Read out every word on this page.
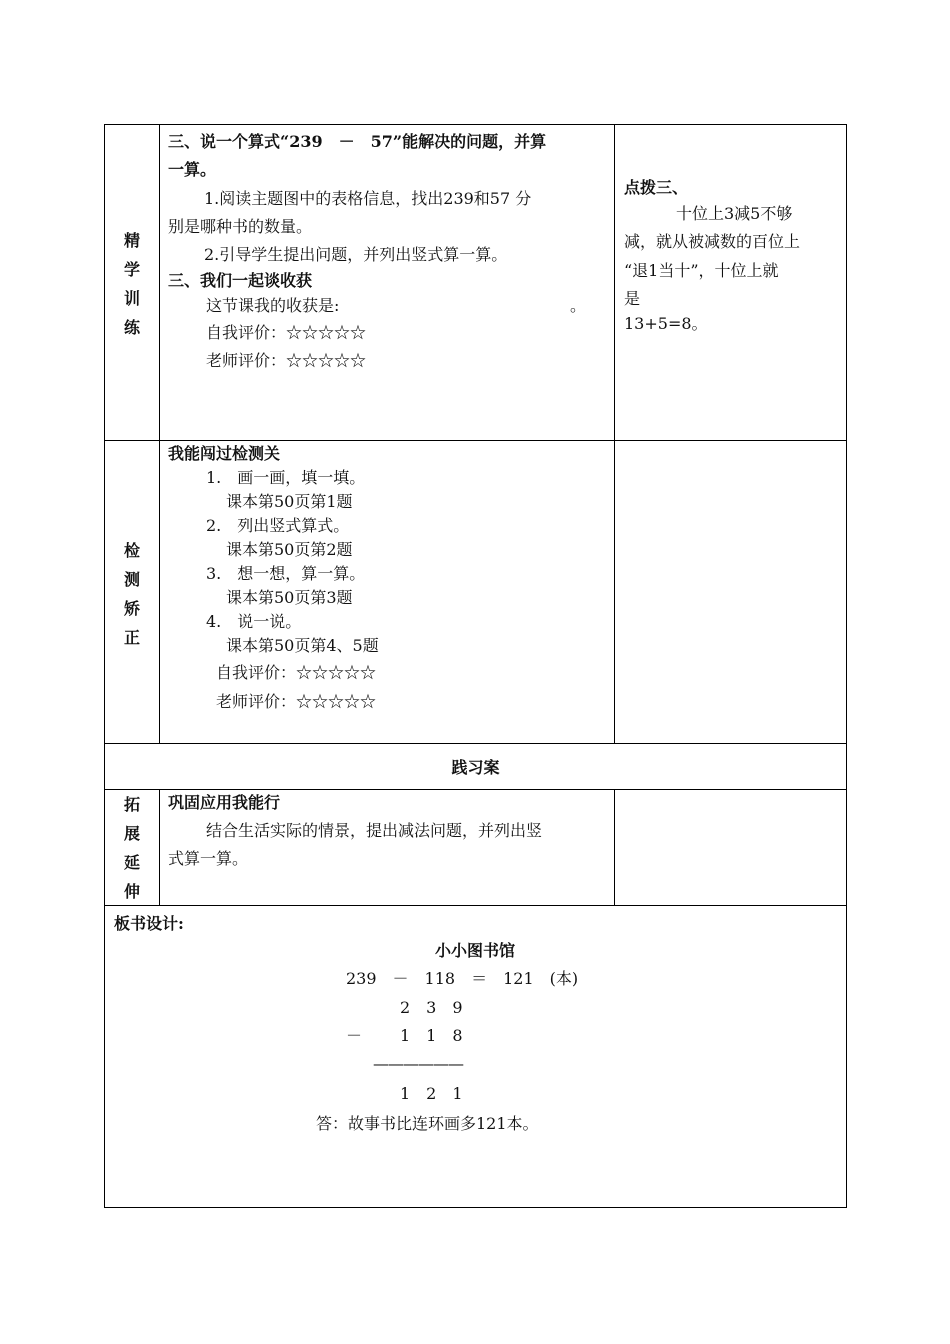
精
学
训
练
三、说一个算式“239　－　57”能解决的问题，并算
一算。
1.阅读主题图中的表格信息，找出239和57 分
别是哪种书的数量。
2.引导学生提出问题，并列出竖式算一算。
三、我们一起谈收获
这节课我的收获是:	。
自我评价：☆☆☆☆☆
老师评价：☆☆☆☆☆
点拨三、
十位上3减5不够
减，就从被减数的百位上
“退1当十”，十位上就
是
13+5=8。
检
测
矫
正
我能闯过检测关
1.　画一画，填一填。
课本第50页第1题
2.　列出竖式算式。
课本第50页第2题
3.　想一想，算一算。
课本第50页第3题
4.　说一说。
课本第50页第4、5题
自我评价：☆☆☆☆☆
老师评价：☆☆☆☆☆
践习案
拓
展
延
伸
巩固应用我能行
结合生活实际的情景，提出减法问题，并列出竖
式算一算。
板书设计:
小小图书馆
239　－　118　＝　121　(本)
2　3　9
－ 1　1　8
——————
1　2　1
答：故事书比连环画多121本。
